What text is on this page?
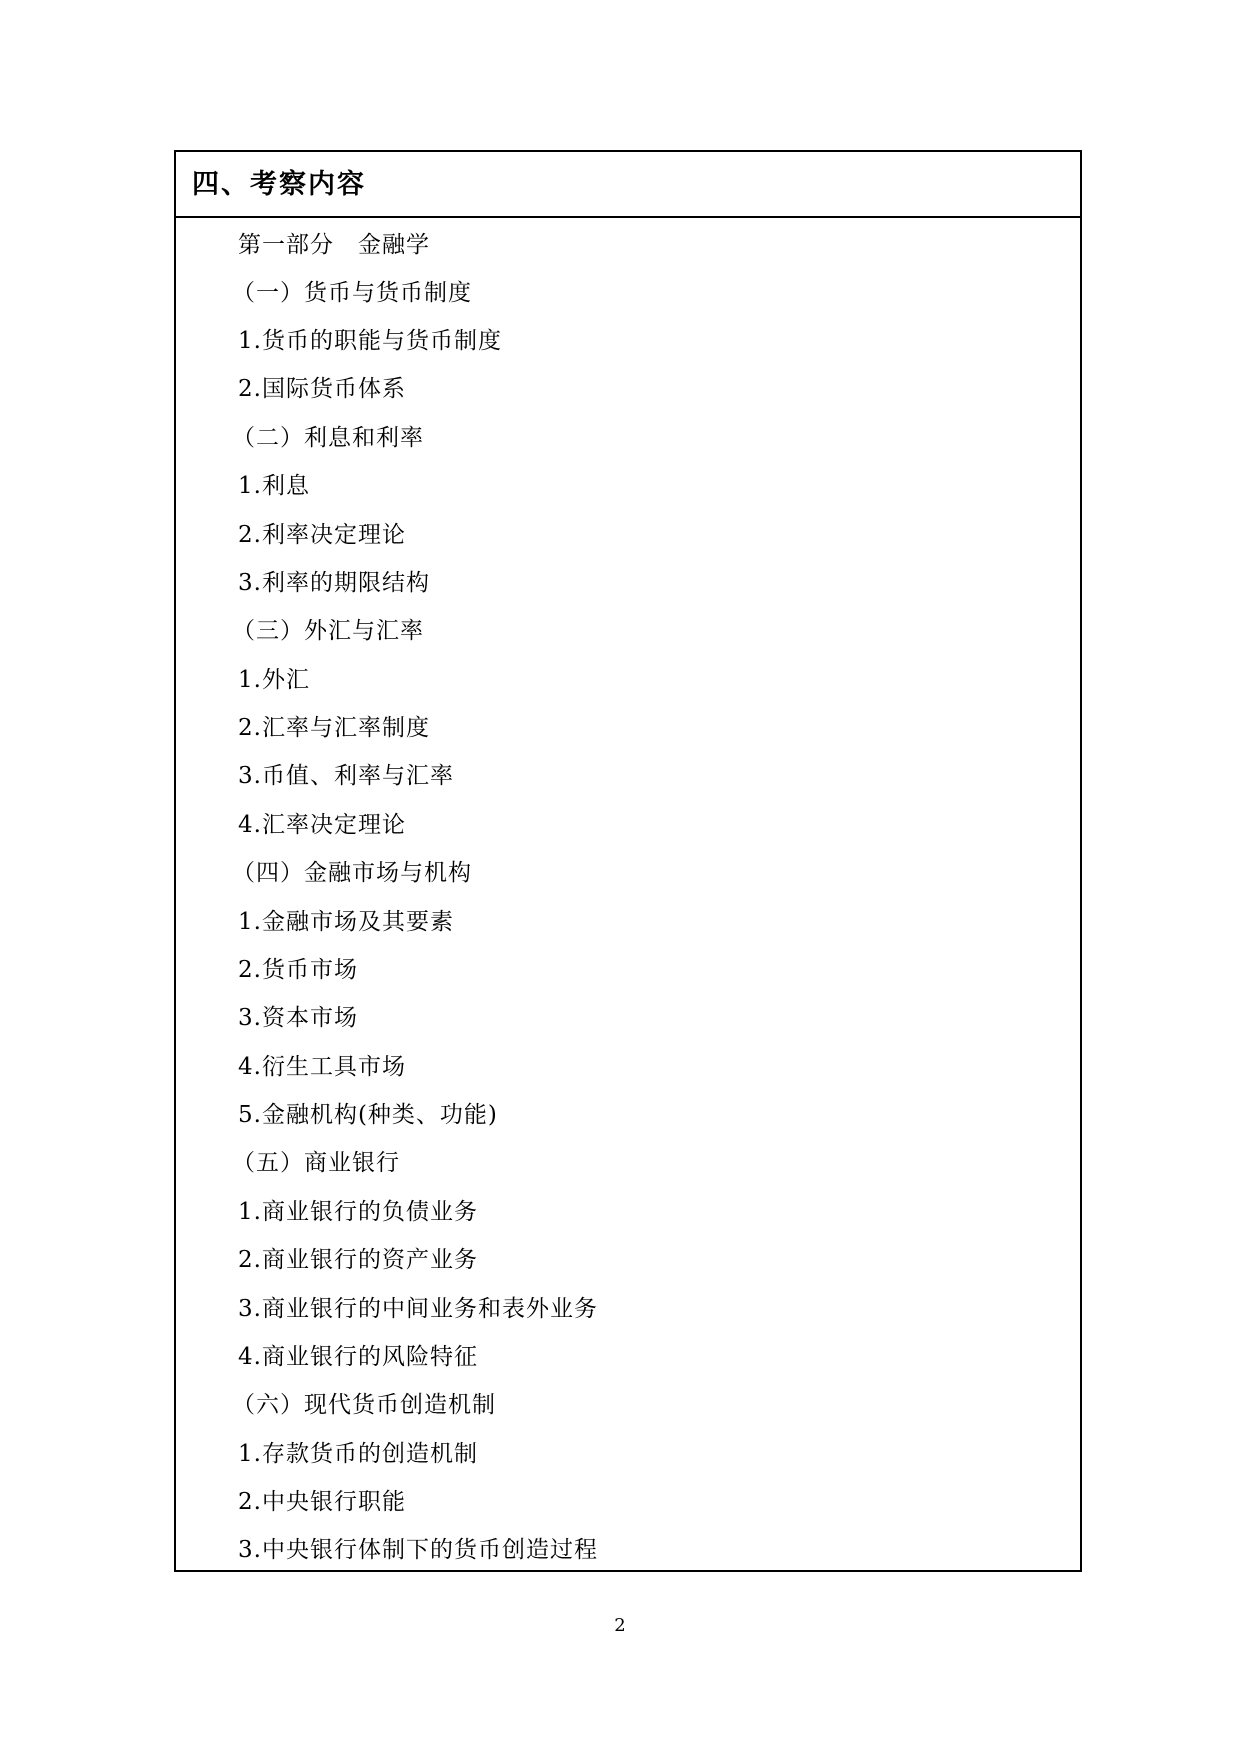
四、考察内容
第一部分　金融学
（一）货币与货币制度
1.货币的职能与货币制度
2.国际货币体系
（二）利息和利率
1.利息
2.利率决定理论
3.利率的期限结构
（三）外汇与汇率
1.外汇
2.汇率与汇率制度
3.币值、利率与汇率
4.汇率决定理论
（四）金融市场与机构
1.金融市场及其要素
2.货币市场
3.资本市场
4.衍生工具市场
5.金融机构(种类、功能)
（五）商业银行
1.商业银行的负债业务
2.商业银行的资产业务
3.商业银行的中间业务和表外业务
4.商业银行的风险特征
（六）现代货币创造机制
1.存款货币的创造机制
2.中央银行职能
3.中央银行体制下的货币创造过程
2
